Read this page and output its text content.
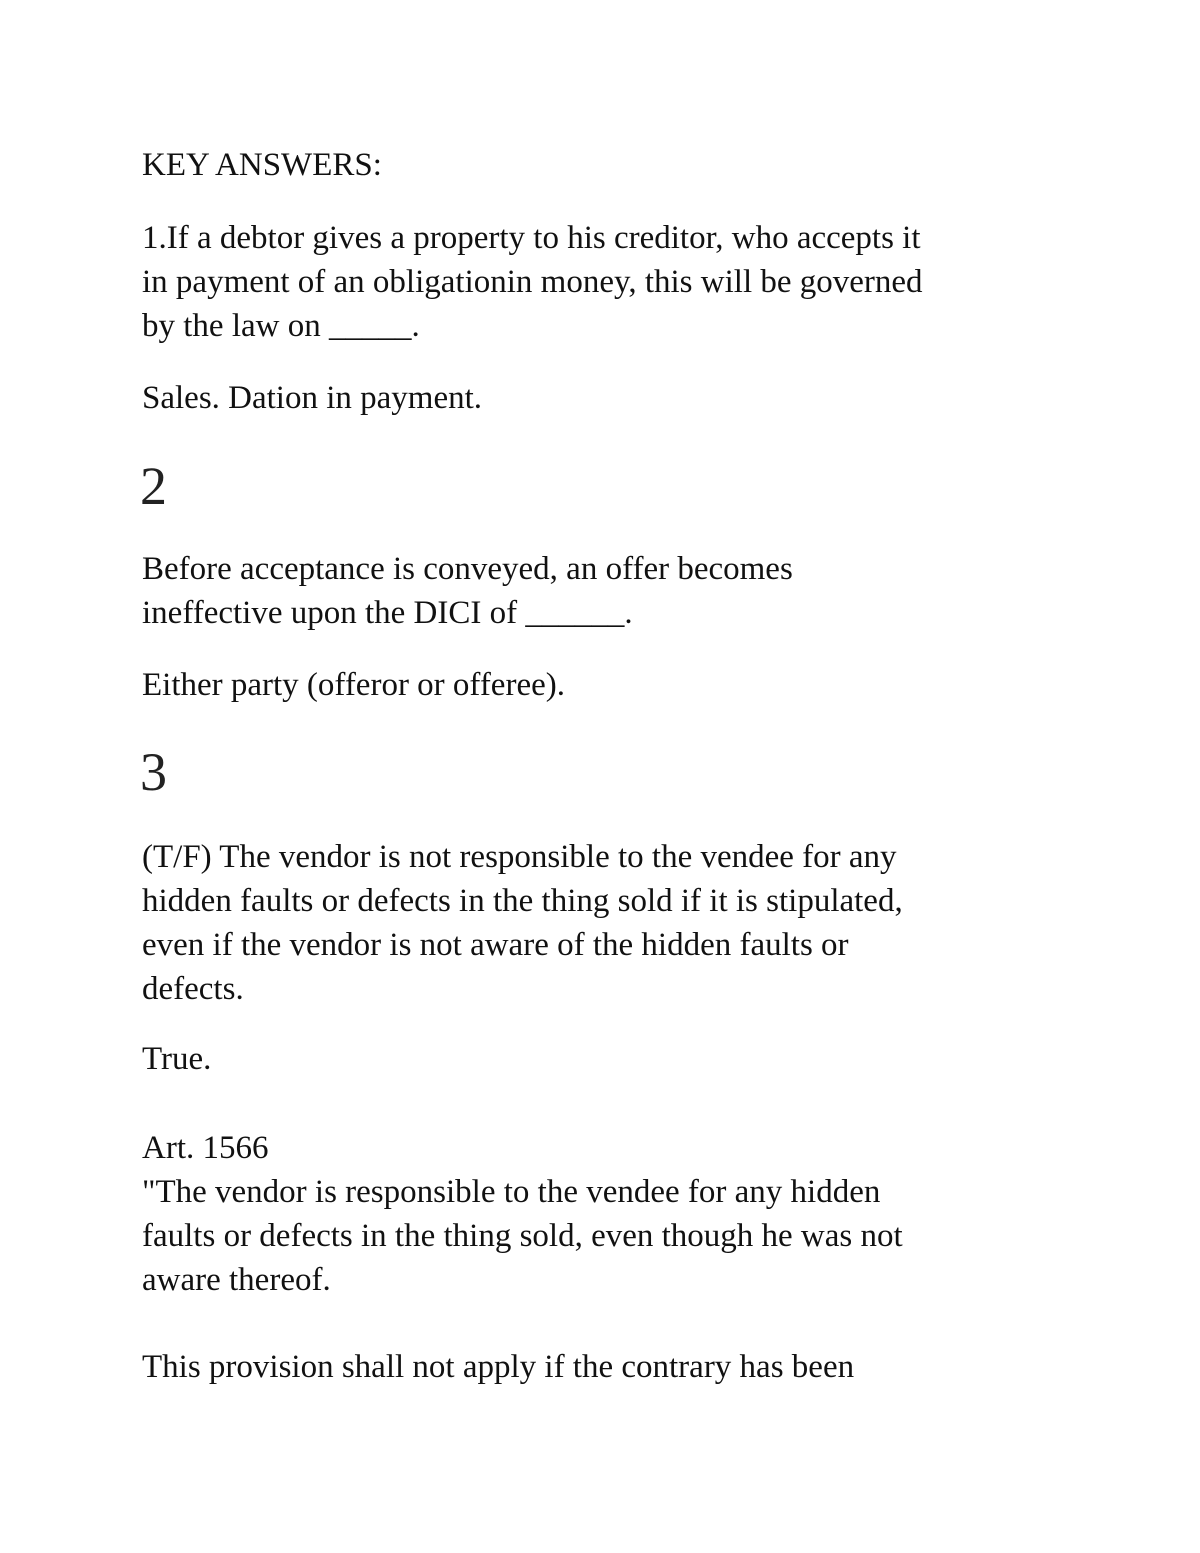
KEY ANSWERS:

1.If a debtor gives a property to his creditor, who accepts it

in payment of an obligationin money, this will be governed

by the law on _____.

Sales. Dation in payment.

2

Before acceptance is conveyed, an offer becomes

ineffective upon the DICI of ______.

Either party (offeror or offeree).

3

(T/F) The vendor is not responsible to the vendee for any

hidden faults or defects in the thing sold if it is stipulated,

even if the vendor is not aware of the hidden faults or

defects.

True.

Art. 1566

"The vendor is responsible to the vendee for any hidden

faults or defects in the thing sold, even though he was not

aware thereof.

This provision shall not apply if the contrary has been
